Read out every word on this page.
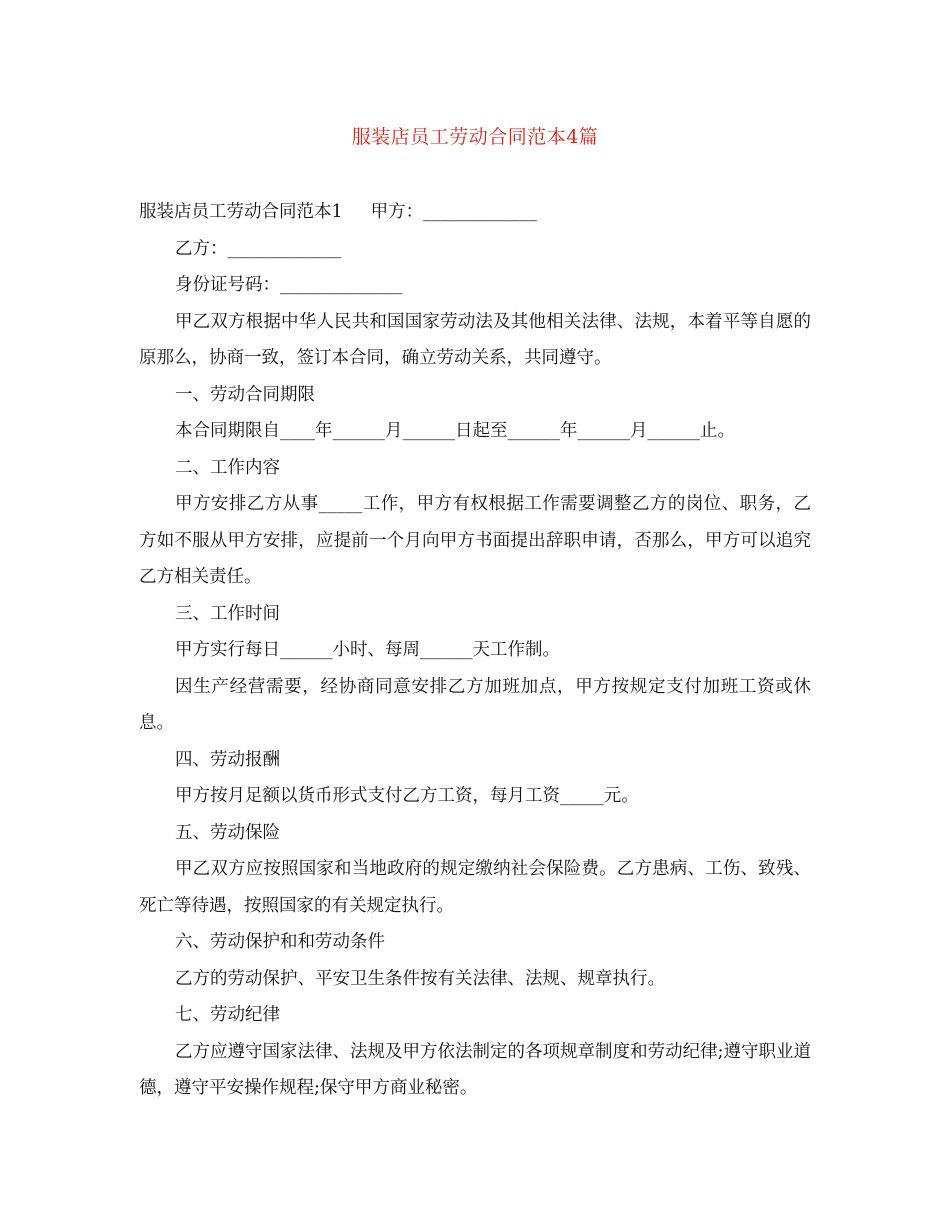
服装店员工劳动合同范本4篇

服装店员工劳动合同范本1 甲方：_____________

乙方：_____________

身份证号码：______________

甲乙双方根据中华人民共和国国家劳动法及其他相关法律、法规，本着平等自愿的原那么，协商一致，签订本合同，确立劳动关系，共同遵守。

一、劳动合同期限

本合同期限自____年______月______日起至______年______月______止。

二、工作内容

甲方安排乙方从事_____工作，甲方有权根据工作需要调整乙方的岗位、职务，乙方如不服从甲方安排，应提前一个月向甲方书面提出辞职申请，否那么，甲方可以追究乙方相关责任。

三、工作时间

甲方实行每日______小时、每周______天工作制。

因生产经营需要，经协商同意安排乙方加班加点，甲方按规定支付加班工资或休息。

四、劳动报酬

甲方按月足额以货币形式支付乙方工资，每月工资_____元。

五、劳动保险

甲乙双方应按照国家和当地政府的规定缴纳社会保险费。乙方患病、工伤、致残、死亡等待遇，按照国家的有关规定执行。

六、劳动保护和和劳动条件

乙方的劳动保护、平安卫生条件按有关法律、法规、规章执行。

七、劳动纪律

乙方应遵守国家法律、法规及甲方依法制定的各项规章制度和劳动纪律;遵守职业道德，遵守平安操作规程;保守甲方商业秘密。
